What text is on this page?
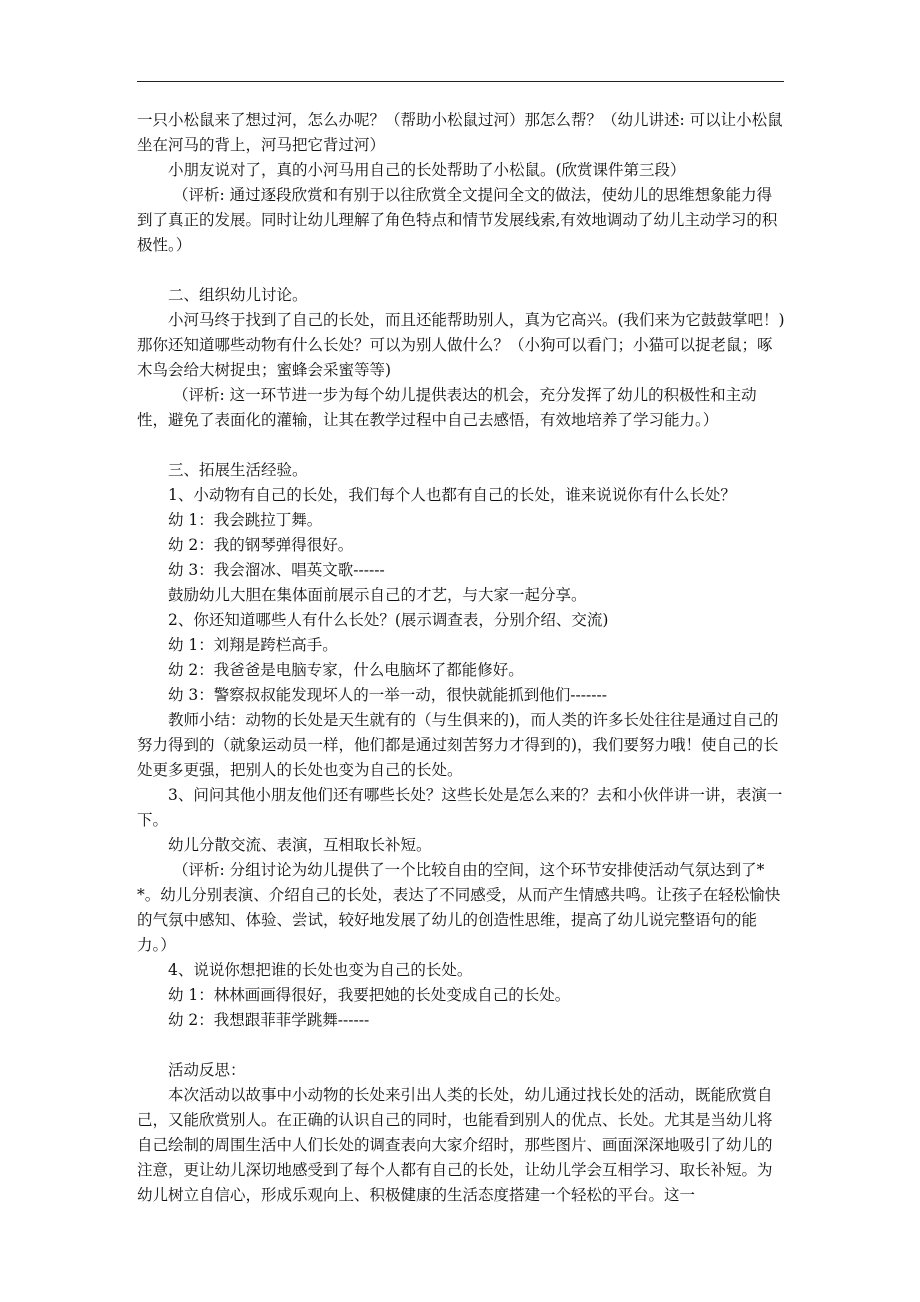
一只小松鼠来了想过河，怎么办呢？（帮助小松鼠过河）那怎么帮？（幼儿讲述: 可以让小松鼠坐在河马的背上，河马把它背过河）

小朋友说对了，真的小河马用自己的长处帮助了小松鼠。(欣赏课件第三段）

（评析: 通过逐段欣赏和有别于以往欣赏全文提问全文的做法，使幼儿的思维想象能力得到了真正的发展。同时让幼儿理解了角色特点和情节发展线索,有效地调动了幼儿主动学习的积极性。）

二、组织幼儿讨论。

小河马终于找到了自己的长处，而且还能帮助别人，真为它高兴。(我们来为它鼓鼓掌吧！) 那你还知道哪些动物有什么长处？可以为别人做什么？（小狗可以看门；小猫可以捉老鼠；啄木鸟会给大树捉虫；蜜蜂会采蜜等等)

（评析: 这一环节进一步为每个幼儿提供表达的机会，充分发挥了幼儿的积极性和主动性，避免了表面化的灌输，让其在教学过程中自己去感悟，有效地培养了学习能力。）

三、拓展生活经验。

1、小动物有自己的长处，我们每个人也都有自己的长处，谁来说说你有什么长处？

幼 1：我会跳拉丁舞。

幼 2：我的钢琴弹得很好。

幼 3：我会溜冰、唱英文歌------

鼓励幼儿大胆在集体面前展示自己的才艺，与大家一起分享。

2、你还知道哪些人有什么长处？(展示调查表，分别介绍、交流)

幼 1：刘翔是跨栏高手。

幼 2：我爸爸是电脑专家，什么电脑坏了都能修好。

幼 3：警察叔叔能发现坏人的一举一动，很快就能抓到他们-------

教师小结：动物的长处是天生就有的（与生俱来的)，而人类的许多长处往往是通过自己的努力得到的（就象运动员一样，他们都是通过刻苦努力才得到的)，我们要努力哦！使自己的长处更多更强，把别人的长处也变为自己的长处。

3、问问其他小朋友他们还有哪些长处？这些长处是怎么来的？去和小伙伴讲一讲，表演一下。

幼儿分散交流、表演，互相取长补短。

（评析: 分组讨论为幼儿提供了一个比较自由的空间，这个环节安排使活动气氛达到了**。幼儿分别表演、介绍自己的长处，表达了不同感受，从而产生情感共鸣。让孩子在轻松愉快的气氛中感知、体验、尝试，较好地发展了幼儿的创造性思维，提高了幼儿说完整语句的能力。）

4、说说你想把谁的长处也变为自己的长处。

幼 1：林林画画得很好，我要把她的长处变成自己的长处。

幼 2：我想跟菲菲学跳舞------

活动反思：

本次活动以故事中小动物的长处来引出人类的长处，幼儿通过找长处的活动，既能欣赏自己，又能欣赏别人。在正确的认识自己的同时，也能看到别人的优点、长处。尤其是当幼儿将自己绘制的周围生活中人们长处的调查表向大家介绍时，那些图片、画面深深地吸引了幼儿的注意，更让幼儿深切地感受到了每个人都有自己的长处，让幼儿学会互相学习、取长补短。为幼儿树立自信心，形成乐观向上、积极健康的生活态度搭建一个轻松的平台。这一
